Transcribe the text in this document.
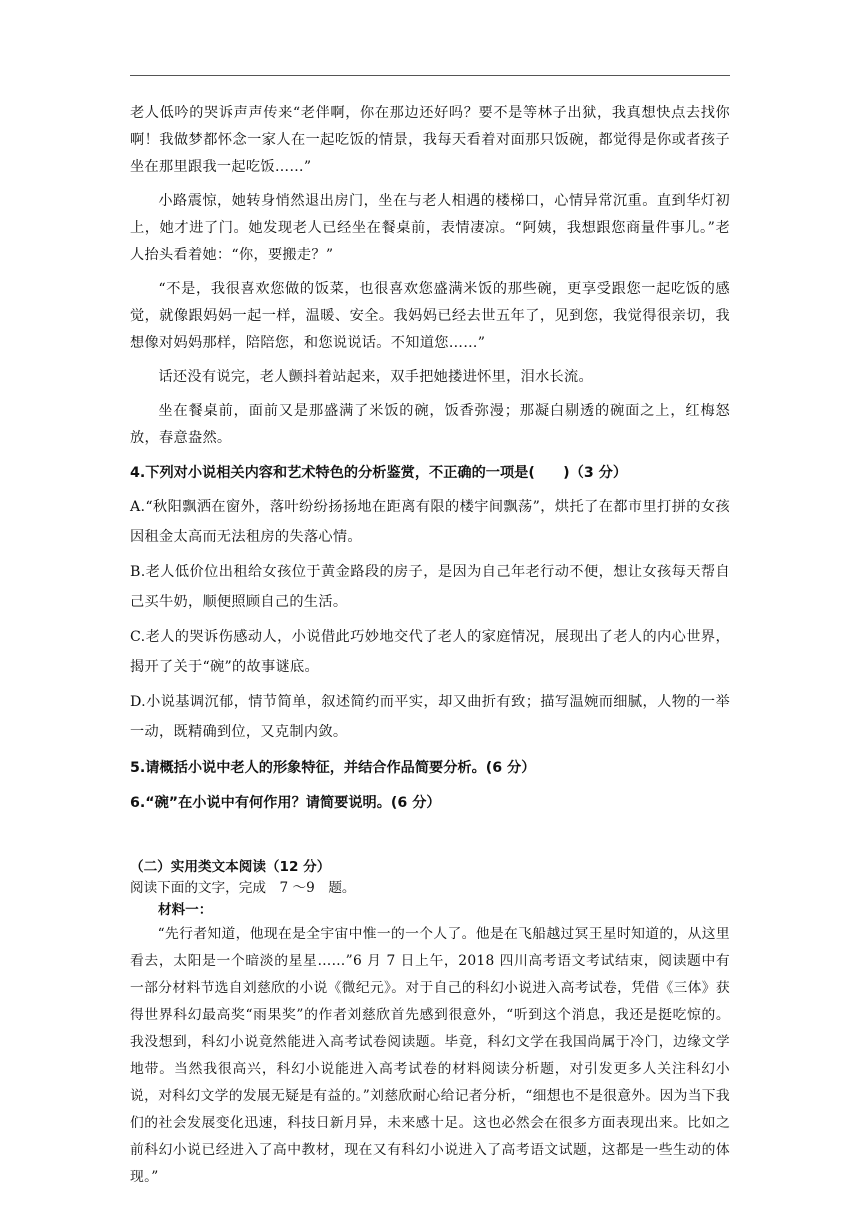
老人低吟的哭诉声声传来“老伴啊，你在那边还好吗？要不是等林子出狱，我真想快点去找你啊！我做梦都怀念一家人在一起吃饭的情景，我每天看着对面那只饭碗，都觉得是你或者孩子坐在那里跟我一起吃饭……”

小路震惊，她转身悄然退出房门，坐在与老人相遇的楼梯口，心情异常沉重。直到华灯初上，她才进了门。她发现老人已经坐在餐桌前，表情凄凉。“阿姨，我想跟您商量件事儿。”老人抬头看着她：“你，要搬走？”

“不是，我很喜欢您做的饭菜，也很喜欢您盛满米饭的那些碗，更享受跟您一起吃饭的感觉，就像跟妈妈一起一样，温暖、安全。我妈妈已经去世五年了，见到您，我觉得很亲切，我想像对妈妈那样，陪陪您，和您说说话。不知道您……”

话还没有说完，老人颤抖着站起来，双手把她搂进怀里，泪水长流。

坐在餐桌前，面前又是那盛满了米饭的碗，饭香弥漫；那凝白剔透的碗面之上，红梅怒放，春意盎然。

4.下列对小说相关内容和艺术特色的分析鉴赏，不正确的一项是(　　)（3 分）

A.“秋阳飘洒在窗外，落叶纷纷扬扬地在距离有限的楼宇间飘荡”，烘托了在都市里打拼的女孩因租金太高而无法租房的失落心情。

B.老人低价位出租给女孩位于黄金路段的房子，是因为自己年老行动不便，想让女孩每天帮自己买牛奶，顺便照顾自己的生活。

C.老人的哭诉伤感动人，小说借此巧妙地交代了老人的家庭情况，展现出了老人的内心世界，揭开了关于“碗”的故事谜底。

D.小说基调沉郁，情节简单，叙述简约而平实，却又曲折有致；描写温婉而细腻，人物的一举一动，既精确到位，又克制内敛。

5.请概括小说中老人的形象特征，并结合作品简要分析。(6 分）

6.“碗”在小说中有何作用？请简要说明。(6 分）

（二）实用类文本阅读（12 分）

阅读下面的文字，完成　7 ～9　题。

材料一：

“先行者知道，他现在是全宇宙中惟一的一个人了。他是在飞船越过冥王星时知道的，从这里看去，太阳是一个暗淡的星星……”6 月 7 日上午，2018 四川高考语文考试结束，阅读题中有一部分材料节选自刘慈欣的小说《微纪元》。对于自己的科幻小说进入高考试卷，凭借《三体》获得世界科幻最高奖“雨果奖”的作者刘慈欣首先感到很意外，“听到这个消息，我还是挺吃惊的。我没想到，科幻小说竟然能进入高考试卷阅读题。毕竟，科幻文学在我国尚属于冷门，边缘文学地带。当然我很高兴，科幻小说能进入高考试卷的材料阅读分析题，对引发更多人关注科幻小说，对科幻文学的发展无疑是有益的。”刘慈欣耐心给记者分析，“细想也不是很意外。因为当下我们的社会发展变化迅速，科技日新月异，未来感十足。这也必然会在很多方面表现出来。比如之前科幻小说已经进入了高中教材，现在又有科幻小说进入了高考语文试题，这都是一些生动的体现。”
